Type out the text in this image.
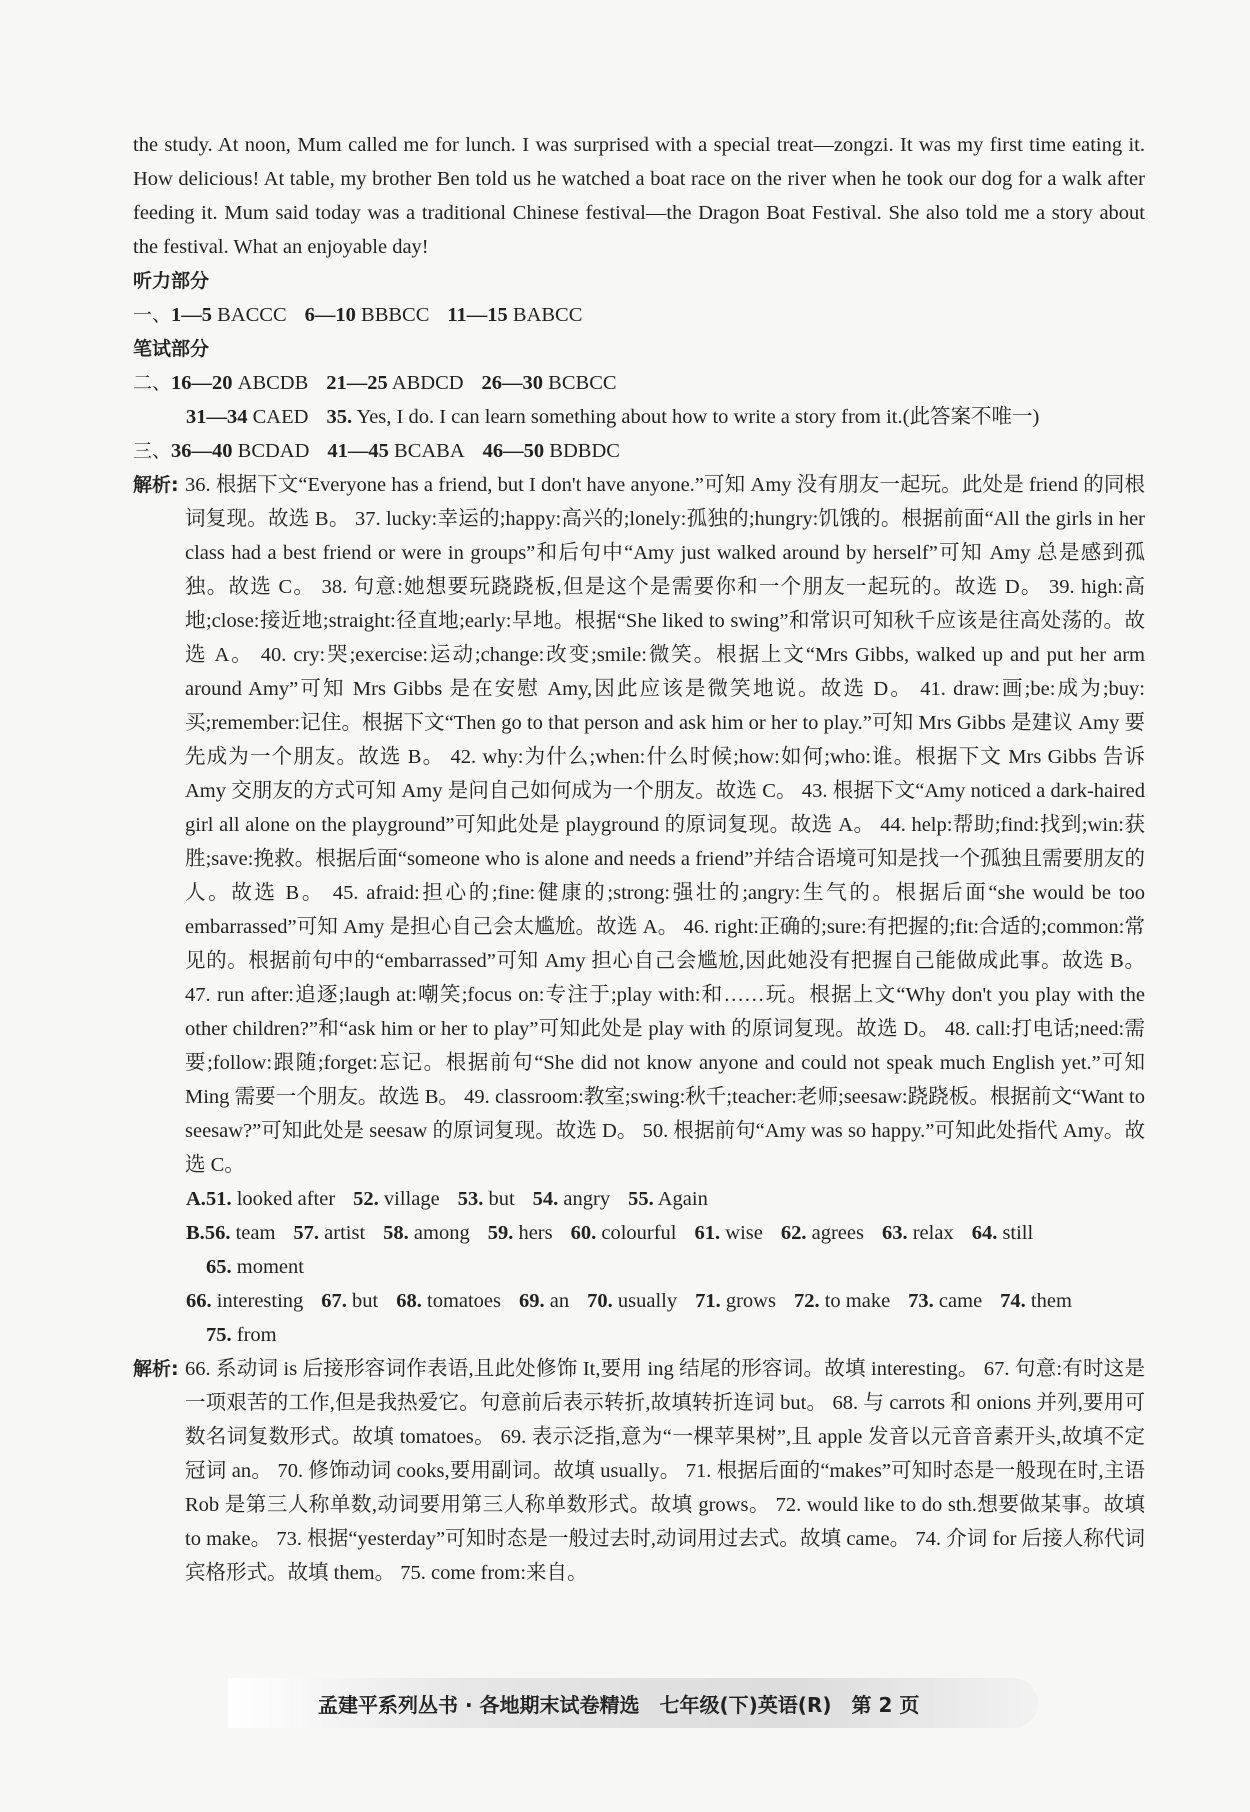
the study. At noon, Mum called me for lunch. I was surprised with a special treat—zongzi. It was my first time eating it. How delicious! At table, my brother Ben told us he watched a boat race on the river when he took our dog for a walk after feeding it. Mum said today was a traditional Chinese festival—the Dragon Boat Festival. She also told me a story about the festival. What an enjoyable day!

听力部分
一、1—5 BACCC 6—10 BBBCC 11—15 BABCC
笔试部分
二、16—20 ABCDB 21—25 ABDCD 26—30 BCBCC
31—34 CAED 35. Yes, I do. I can learn something about how to write a story from it.(此答案不唯一)
三、36—40 BCDAD 41—45 BCABA 46—50 BDBDC
解析: 36. 根据下文“Everyone has a friend, but I don't have anyone.”可知 Amy 没有朋友一起玩。此处是 friend 的同根词复现。故选 B。 37. lucky:幸运的;happy:高兴的;lonely:孤独的;hungry:饥饿的。根据前面“All the girls in her class had a best friend or were in groups”和后句中“Amy just walked around by herself”可知 Amy 总是感到孤独。故选 C。 38. 句意:她想要玩跷跷板,但是这个是需要你和一个朋友一起玩的。故选 D。 39. high:高地;close:接近地;straight:径直地;early:早地。根据“She liked to swing”和常识可知秋千应该是往高处荡的。故选 A。 40. cry:哭;exercise:运动;change:改变;smile:微笑。根据上文“Mrs Gibbs, walked up and put her arm around Amy”可知 Mrs Gibbs 是在安慰 Amy,因此应该是微笑地说。故选 D。 41. draw:画;be:成为;buy:买;remember:记住。根据下文“Then go to that person and ask him or her to play.”可知 Mrs Gibbs 是建议 Amy 要先成为一个朋友。故选 B。 42. why:为什么;when:什么时候;how:如何;who:谁。根据下文 Mrs Gibbs 告诉 Amy 交朋友的方式可知 Amy 是问自己如何成为一个朋友。故选 C。 43. 根据下文“Amy noticed a dark-haired girl all alone on the playground”可知此处是 playground 的原词复现。故选 A。 44. help:帮助;find:找到;win:获胜;save:挽救。根据后面“someone who is alone and needs a friend”并结合语境可知是找一个孤独且需要朋友的人。故选 B。 45. afraid:担心的;fine:健康的;strong:强壮的;angry:生气的。根据后面“she would be too embarrassed”可知 Amy 是担心自己会太尴尬。故选 A。 46. right:正确的;sure:有把握的;fit:合适的;common:常见的。根据前句中的“embarrassed”可知 Amy 担心自己会尴尬,因此她没有把握自己能做成此事。故选 B。 47. run after:追逐;laugh at:嘲笑;focus on:专注于;play with:和……玩。根据上文“Why don't you play with the other children?”和“ask him or her to play”可知此处是 play with 的原词复现。故选 D。 48. call:打电话;need:需要;follow:跟随;forget:忘记。根据前句“She did not know anyone and could not speak much English yet.”可知 Ming 需要一个朋友。故选 B。 49. classroom:教室;swing:秋千;teacher:老师;seesaw:跷跷板。根据前文“Want to seesaw?”可知此处是 seesaw 的原词复现。故选 D。 50. 根据前句“Amy was so happy.”可知此处指代 Amy。故选 C。
A.51. looked after 52. village 53. but 54. angry 55. Again
B.56. team 57. artist 58. among 59. hers 60. colourful 61. wise 62. agrees 63. relax 64. still
65. moment
66. interesting 67. but 68. tomatoes 69. an 70. usually 71. grows 72. to make 73. came 74. them
75. from
解析: 66. 系动词 is 后接形容词作表语,且此处修饰 It,要用 ing 结尾的形容词。故填 interesting。 67. 句意:有时这是一项艰苦的工作,但是我热爱它。句意前后表示转折,故填转折连词 but。 68. 与 carrots 和 onions 并列,要用可数名词复数形式。故填 tomatoes。 69. 表示泛指,意为“一棵苹果树”,且 apple 发音以元音音素开头,故填不定冠词 an。 70. 修饰动词 cooks,要用副词。故填 usually。 71. 根据后面的“makes”可知时态是一般现在时,主语 Rob 是第三人称单数,动词要用第三人称单数形式。故填 grows。 72. would like to do sth.想要做某事。故填 to make。 73. 根据“yesterday”可知时态是一般过去时,动词用过去式。故填 came。 74. 介词 for 后接人称代词宾格形式。故填 them。 75. come from:来自。
孟建平系列丛书 · 各地期末试卷精选　七年级(下)英语(R)　第 2 页
